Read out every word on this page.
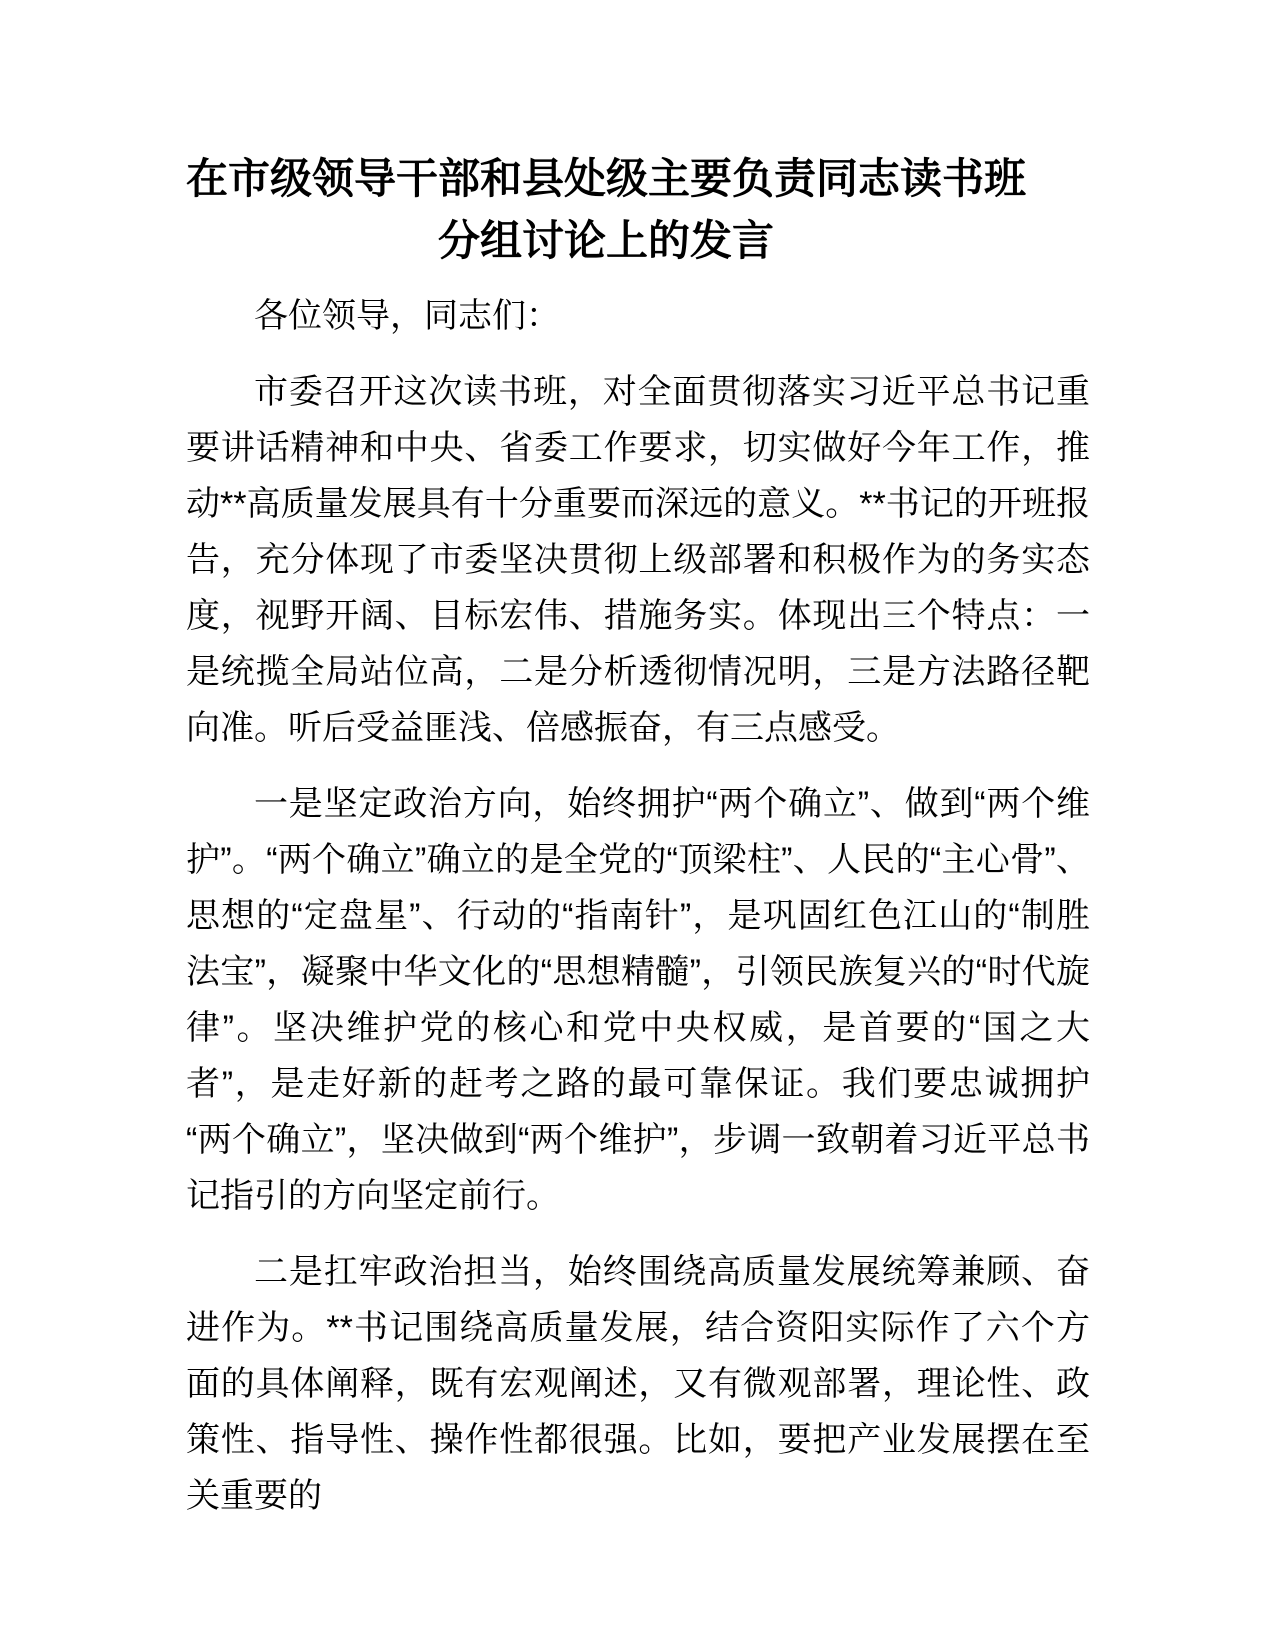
在市级领导干部和县处级主要负责同志读书班分组讨论上的发言

各位领导，同志们：

市委召开这次读书班，对全面贯彻落实习近平总书记重要讲话精神和中央、省委工作要求，切实做好今年工作，推动**高质量发展具有十分重要而深远的意义。**书记的开班报告，充分体现了市委坚决贯彻上级部署和积极作为的务实态度，视野开阔、目标宏伟、措施务实。体现出三个特点：一是统揽全局站位高，二是分析透彻情况明，三是方法路径靶向准。听后受益匪浅、倍感振奋，有三点感受。

一是坚定政治方向，始终拥护“两个确立”、做到“两个维护”。“两个确立”确立的是全党的“顶梁柱”、人民的“主心骨”、思想的“定盘星”、行动的“指南针”，是巩固红色江山的“制胜法宝”，凝聚中华文化的“思想精髓”，引领民族复兴的“时代旋律”。坚决维护党的核心和党中央权威，是首要的“国之大者”，是走好新的赶考之路的最可靠保证。我们要忠诚拥护“两个确立”，坚决做到“两个维护”，步调一致朝着习近平总书记指引的方向坚定前行。

二是扛牢政治担当，始终围绕高质量发展统筹兼顾、奋进作为。**书记围绕高质量发展，结合资阳实际作了六个方面的具体阐释，既有宏观阐述，又有微观部署，理论性、政策性、指导性、操作性都很强。比如，要把产业发展摆在至关重要的
